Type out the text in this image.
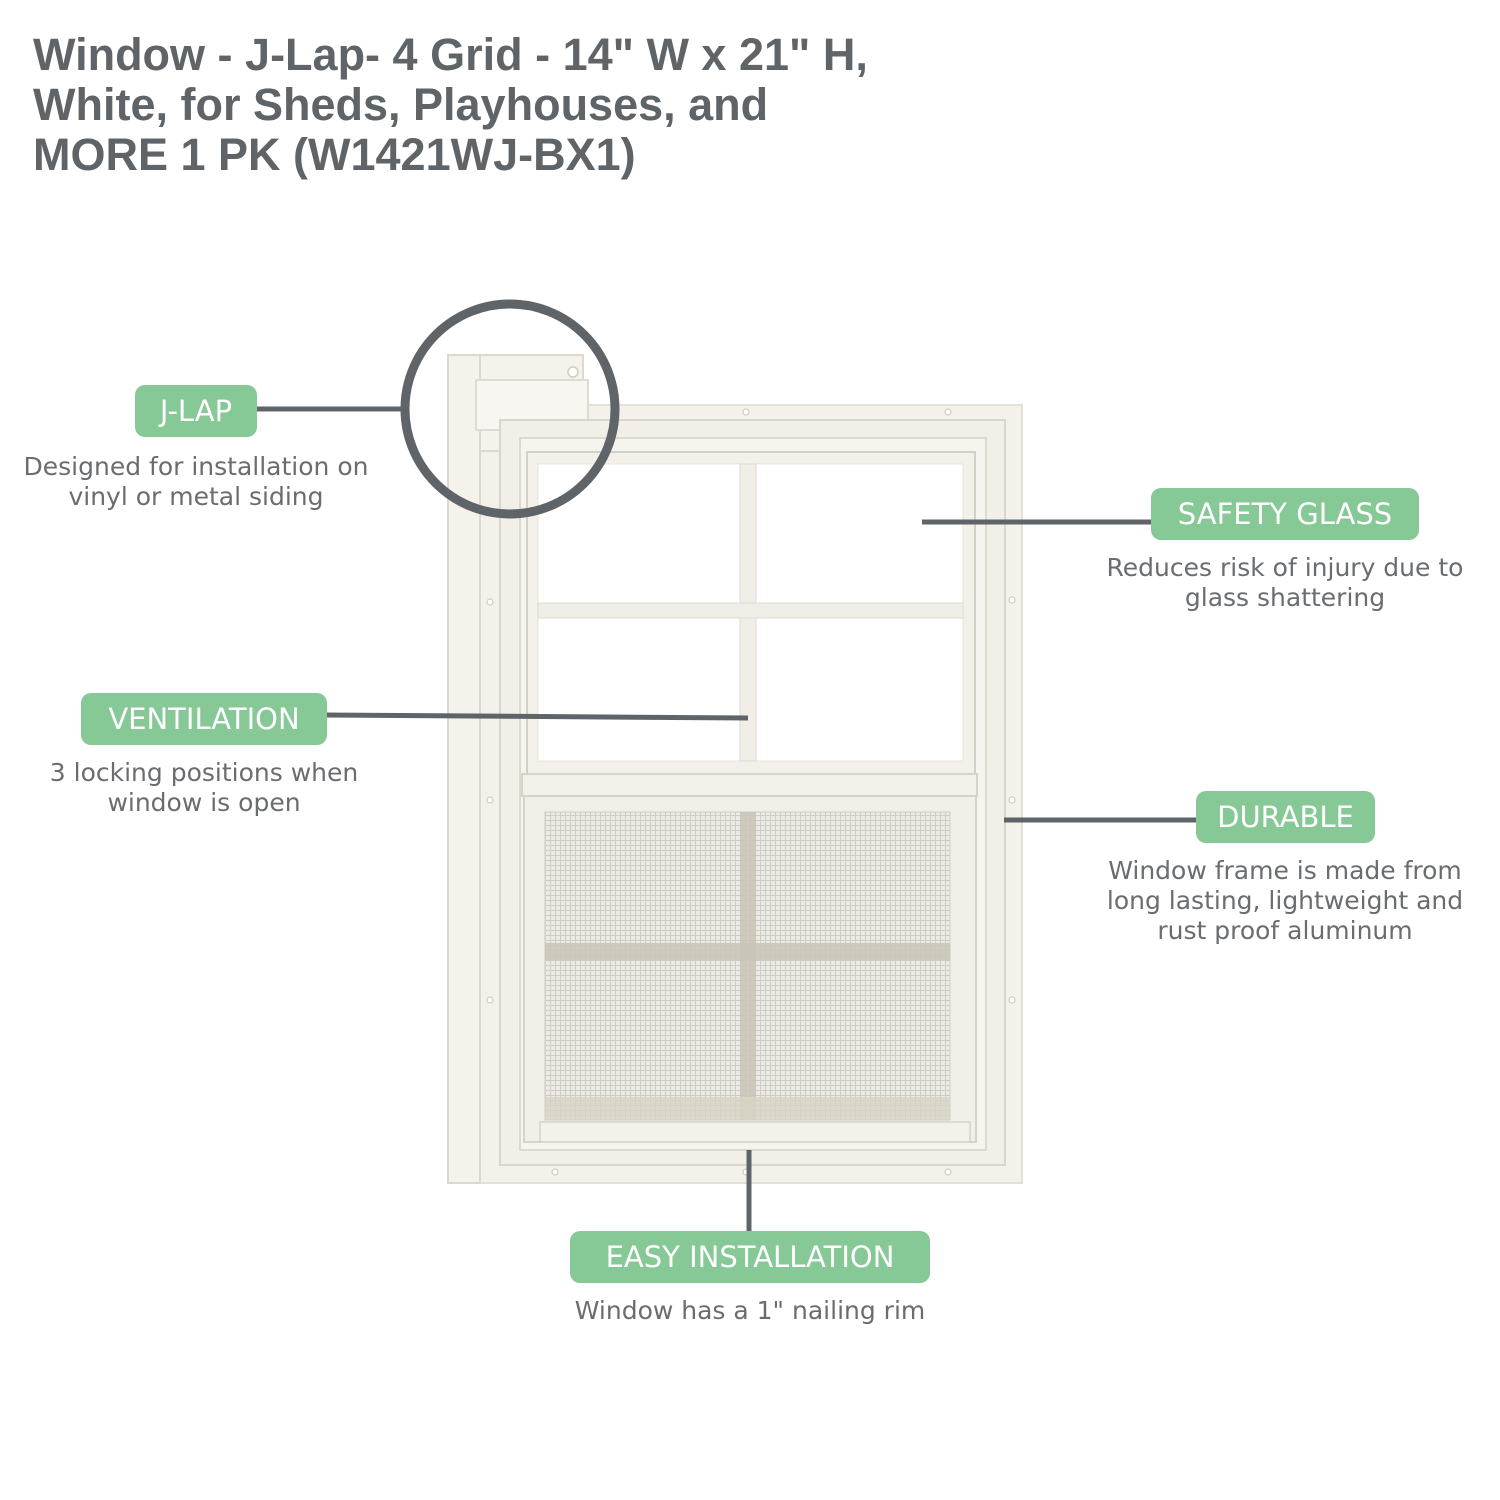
Window - J-Lap- 4 Grid - 14" W x 21" H,
White, for Sheds, Playhouses, and
MORE 1 PK (W1421WJ-BX1)
J-LAP
Designed for installation on
vinyl or metal siding
VENTILATION
3 locking positions when
window is open
SAFETY GLASS
Reduces risk of injury due to
glass shattering
DURABLE
Window frame is made from
long lasting, lightweight and
rust proof aluminum
EASY INSTALLATION
Window has a 1" nailing rim
